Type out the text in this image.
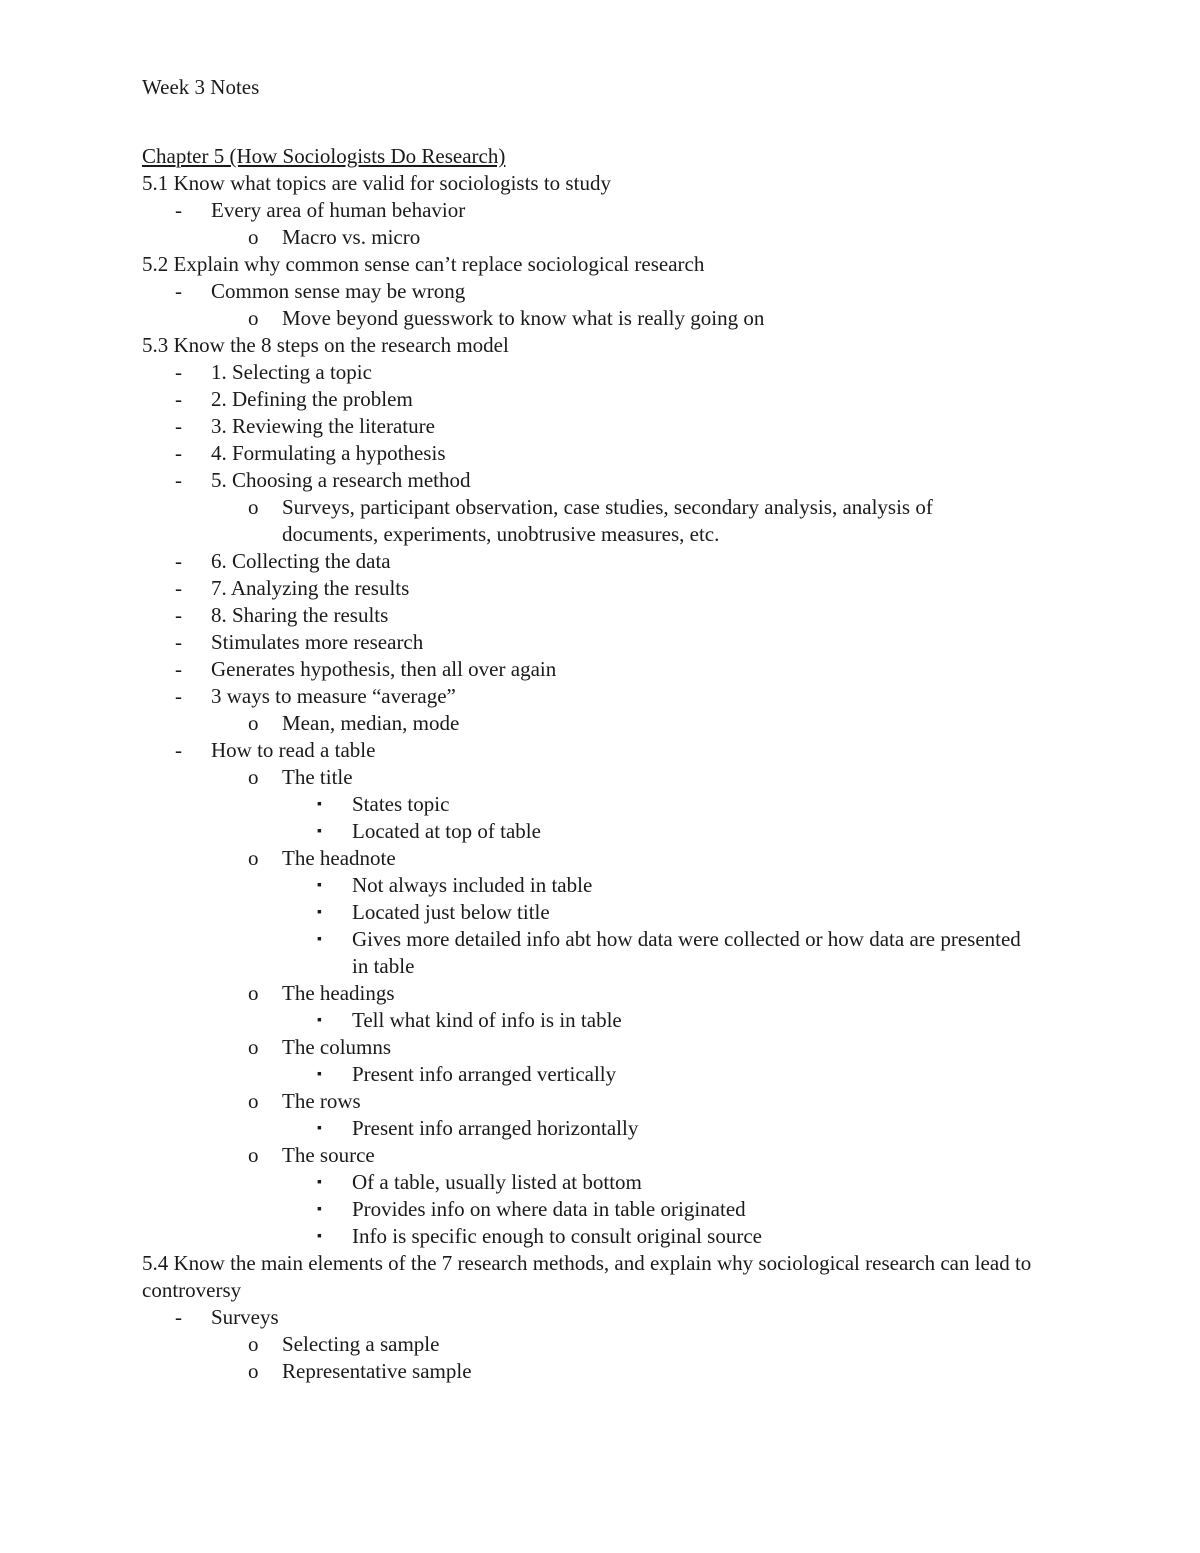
Week 3 Notes
Chapter 5 (How Sociologists Do Research)
5.1 Know what topics are valid for sociologists to study
- Every area of human behavior
o Macro vs. micro
5.2 Explain why common sense can’t replace sociological research
- Common sense may be wrong
o Move beyond guesswork to know what is really going on
5.3 Know the 8 steps on the research model
- 1. Selecting a topic
- 2. Defining the problem
- 3. Reviewing the literature
- 4. Formulating a hypothesis
- 5. Choosing a research method
o Surveys, participant observation, case studies, secondary analysis, analysis of documents, experiments, unobtrusive measures, etc.
- 6. Collecting the data
- 7. Analyzing the results
- 8. Sharing the results
- Stimulates more research
- Generates hypothesis, then all over again
- 3 ways to measure “average”
o Mean, median, mode
- How to read a table
o The title
▪ States topic
▪ Located at top of table
o The headnote
▪ Not always included in table
▪ Located just below title
▪ Gives more detailed info abt how data were collected or how data are presented in table
o The headings
▪ Tell what kind of info is in table
o The columns
▪ Present info arranged vertically
o The rows
▪ Present info arranged horizontally
o The source
▪ Of a table, usually listed at bottom
▪ Provides info on where data in table originated
▪ Info is specific enough to consult original source
5.4 Know the main elements of the 7 research methods, and explain why sociological research can lead to controversy
- Surveys
o Selecting a sample
o Representative sample
